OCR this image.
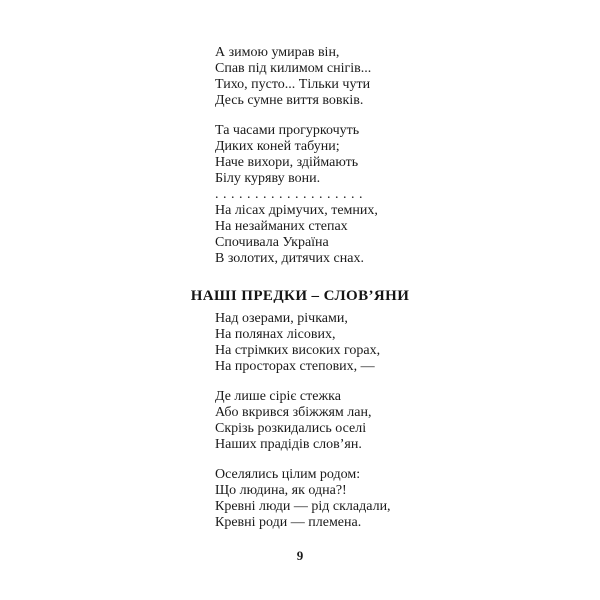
А зимою умирав він,
Спав під килимом снігів...
Тихо, пусто... Тільки чути
Десь сумне виття вовків.
Та часами прогуркочуть
Диких коней табуни;
Наче вихори, здіймають
Білу куряву вони.
. . . . . . . . . . . . . . . . . . .
На лісах дрімучих, темних,
На незайманих степах
Спочивала Україна
В золотих, дитячих снах.
НАШІ ПРЕДКИ – СЛОВ’ЯНИ
Над озерами, річками,
На полянах лісових,
На стрімких високих горах,
На просторах степових, —
Де лише сіріє стежка
Або вкрився збіжжям лан,
Скрізь розкидались оселі
Наших прадідів слов’ян.
Оселялись цілим родом:
Що людина, як одна?!
Кревні люди — рід складали,
Кревні роди — племена.
9
